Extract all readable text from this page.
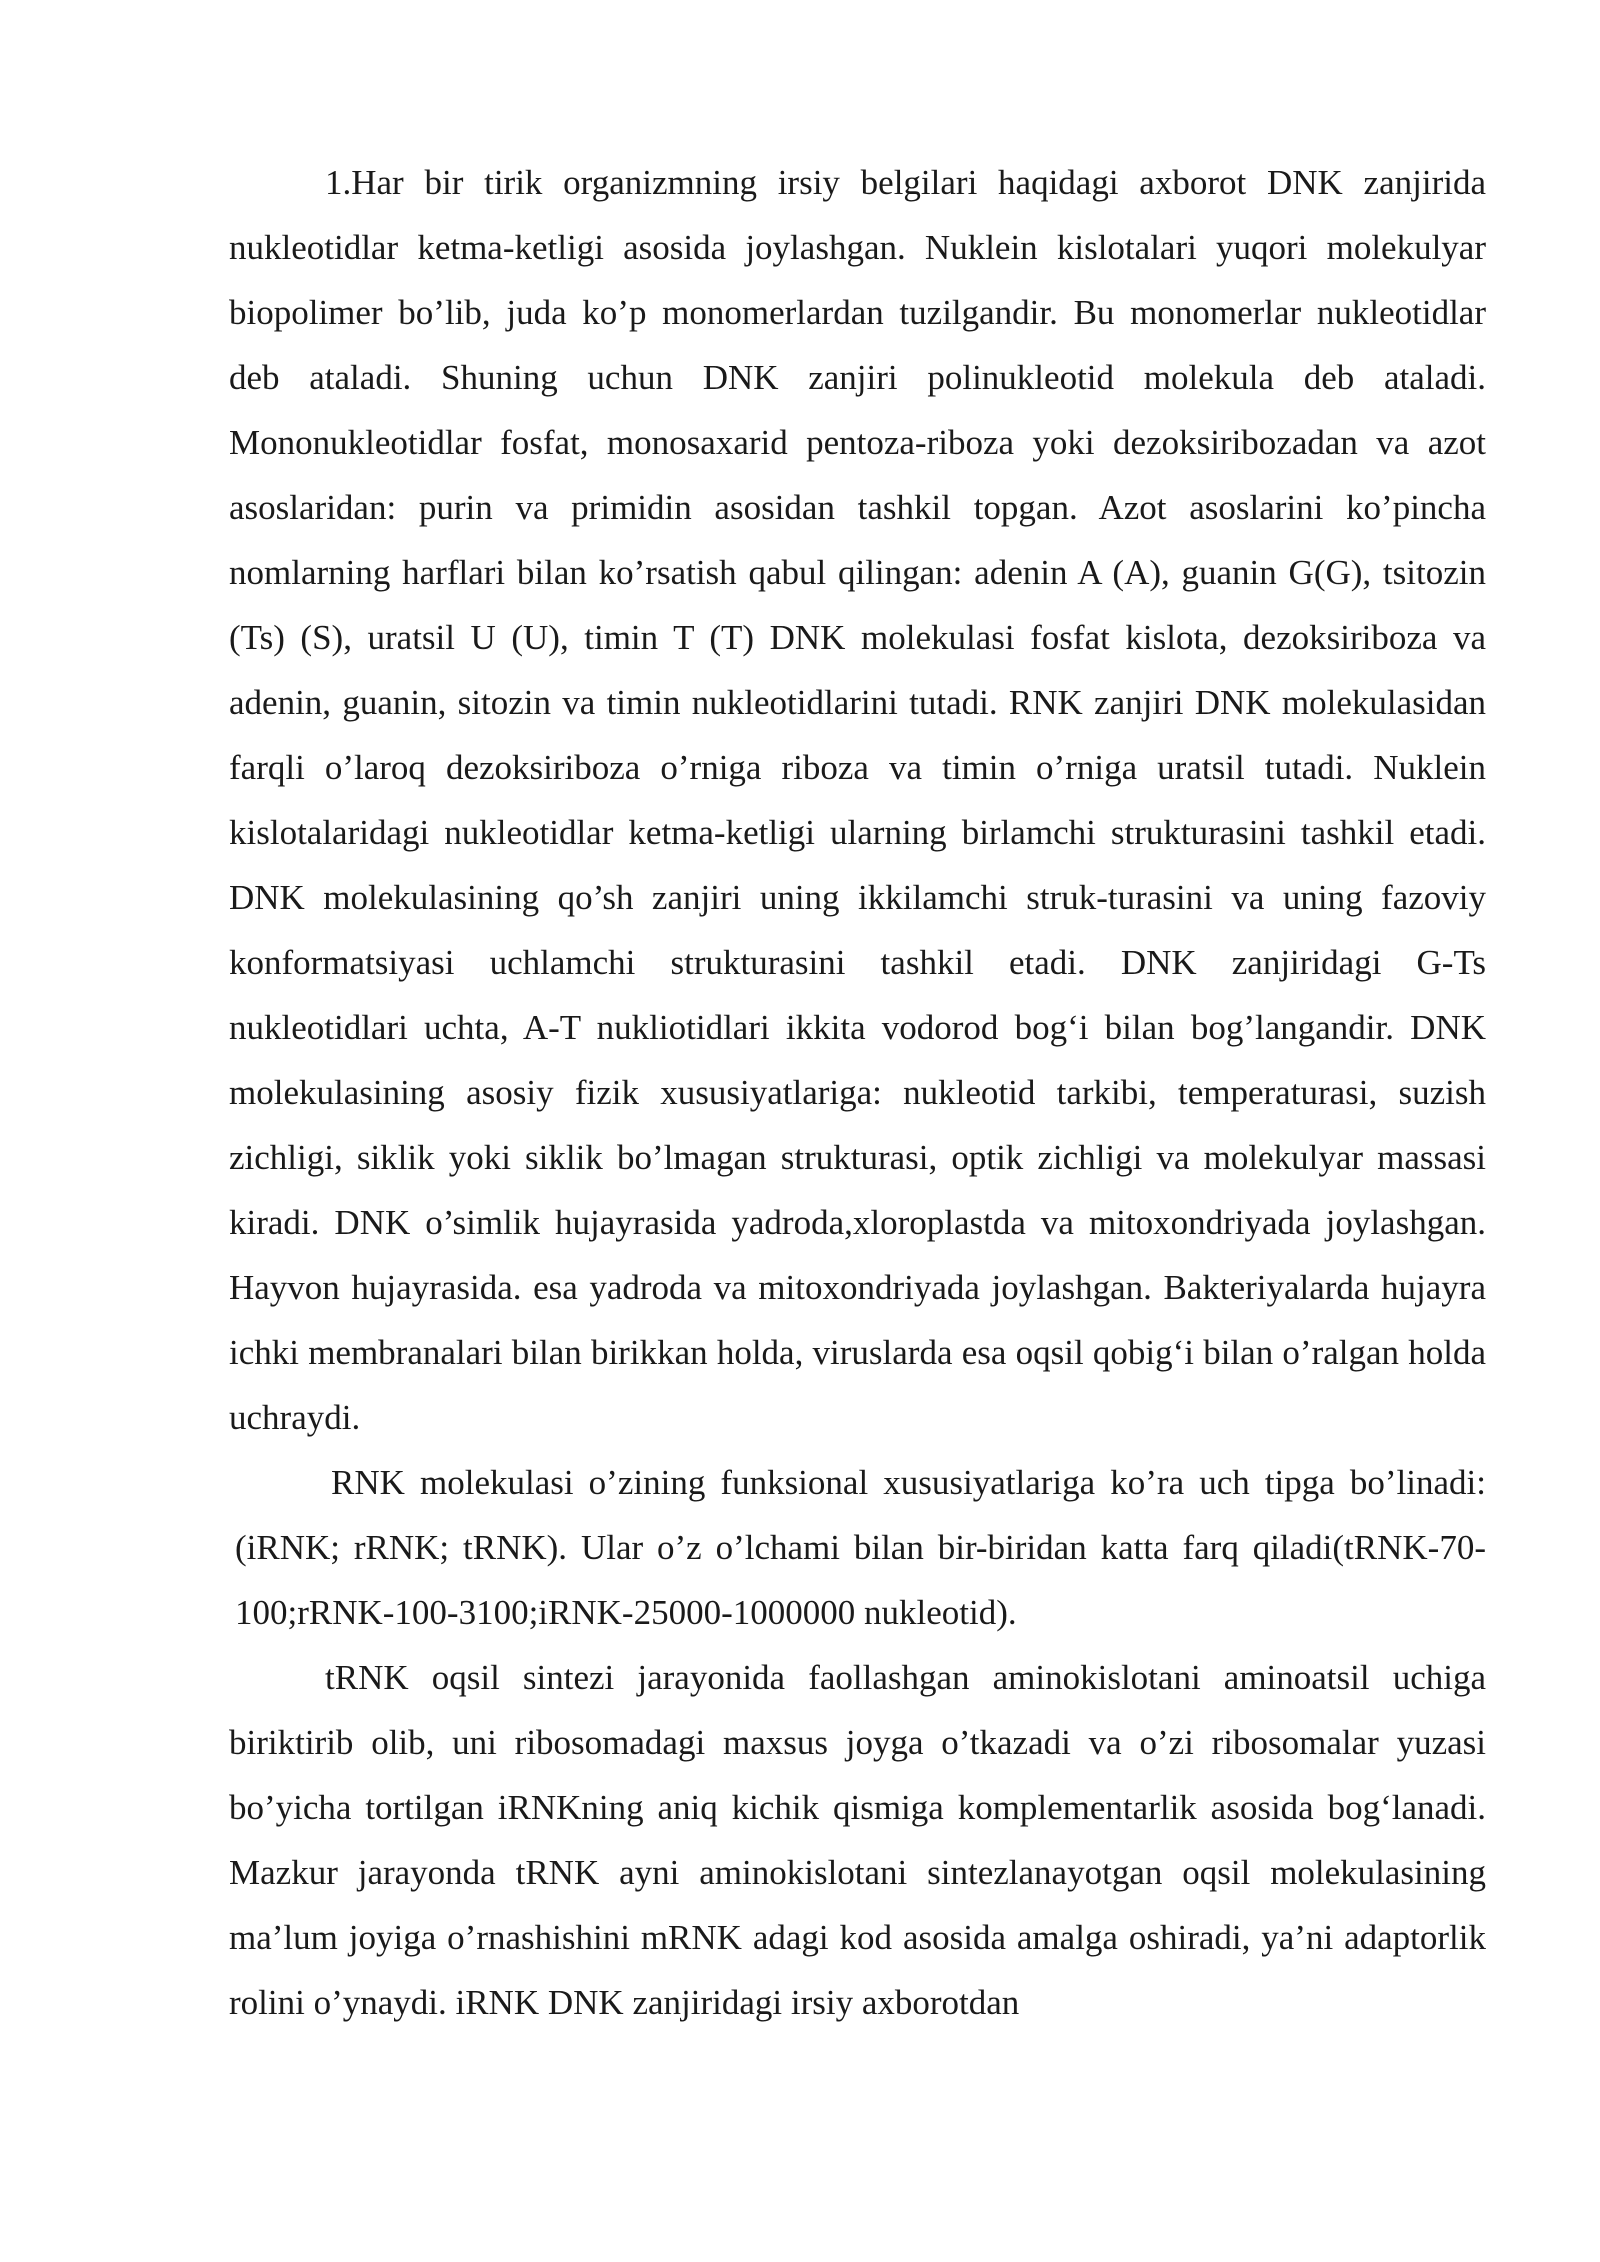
1.Har bir tirik organizmning irsiy belgilari haqidagi axborot DNK zanjirida nukleotidlar ketma-ketligi asosida joylashgan. Nuklein kislotalari yuqori molekulyar biopolimer bo’lib, juda ko’p monomerlardan tuzilgandir. Bu monomerlar nukleotidlar deb ataladi. Shuning uchun DNK zanjiri polinukleotid molekula deb ataladi. Mononukleotidlar fosfat, monosaxarid pentoza-riboza yoki dezoksiribozadan va azot asoslaridan: purin va primidin asosidan tashkil topgan. Azot asoslarini ko’pincha nomlarning harflari bilan ko’rsatish qabul qilingan: adenin A (A), guanin G(G), tsitozin (Ts) (S), uratsil U (U), timin T (T) DNK molekulasi fosfat kislota, dezoksiriboza va adenin, guanin, sitozin va timin nukleotidlarini tutadi. RNK zanjiri DNK molekulasidan farqli o’laroq dezoksiriboza o’rniga riboza va timin o’rniga uratsil tutadi. Nuklein kislotalaridagi nukleotidlar ketma-ketligi ularning birlamchi strukturasini tashkil etadi. DNK molekulasining qo’sh zanjiri uning ikkilamchi struk-turasini va uning fazoviy konformatsiyasi uchlamchi strukturasini tashkil etadi. DNK zanjiridagi G-Ts nukleotidlari uchta, A-T nukliotidlari ikkita vodorod bog‘i bilan bog’langandir. DNK molekulasining asosiy fizik xususiyatlariga: nukleotid tarkibi, temperaturasi, suzish zichligi, siklik yoki siklik bo’lmagan strukturasi, optik zichligi va molekulyar massasi kiradi. DNK o’simlik hujayrasida yadroda,xloroplastda va mitoxondriyada joylashgan. Hayvon hujayrasida. esa yadroda va mitoxondriyada joylashgan. Bakteriyalarda hujayra ichki membranalari bilan birikkan holda, viruslarda esa oqsil qobig‘i bilan o’ralgan holda uchraydi.

RNK molekulasi o’zining funksional xususiyatlariga ko’ra uch tipga bo’linadi: (iRNK; rRNK; tRNK). Ular o’z o’lchami bilan bir-biridan katta farq qiladi(tRNK-70-100;rRNK-100-3100;iRNK-25000-1000000 nukleotid).

tRNK oqsil sintezi jarayonida faollashgan aminokislotani aminoatsil uchiga biriktirib olib, uni ribosomadagi maxsus joyga o’tkazadi va o’zi ribosomalar yuzasi bo’yicha tortilgan iRNKning aniq kichik qismiga komplementarlik asosida bog‘lanadi. Mazkur jarayonda tRNK ayni aminokislotani sintezlanayotgan oqsil molekulasining ma’lum joyiga o’rnashishini mRNK adagi kod asosida amalga oshiradi, ya’ni adaptorlik rolini o’ynaydi. iRNK DNK zanjiridagi irsiy axborotdan
